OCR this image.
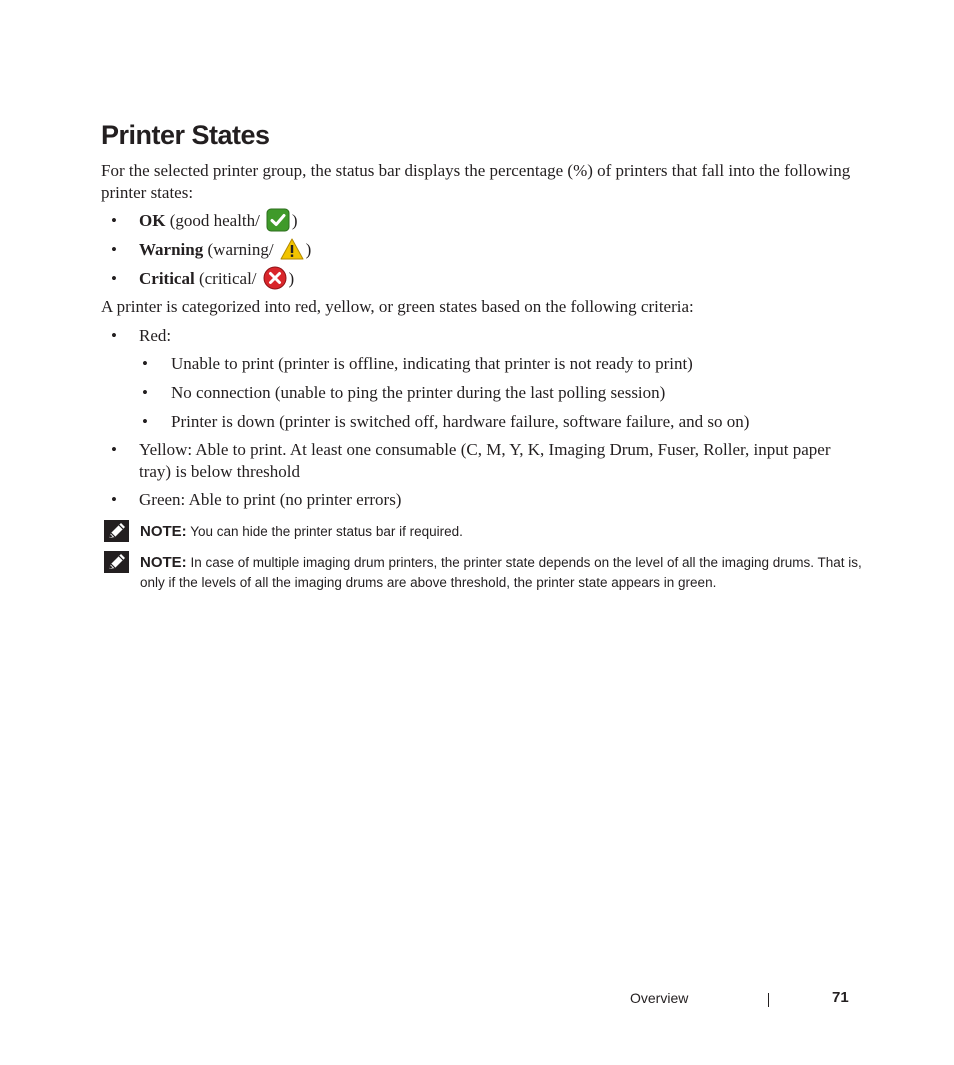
Printer States

For the selected printer group, the status bar displays the percentage (%) of printers that fall into the following printer states:

• OK (good health/ )
• Warning (warning/ )
• Critical (critical/ )

A printer is categorized into red, yellow, or green states based on the following criteria:

• Red:
• Unable to print (printer is offline, indicating that printer is not ready to print)
• No connection (unable to ping the printer during the last polling session)
• Printer is down (printer is switched off, hardware failure, software failure, and so on)
• Yellow: Able to print. At least one consumable (C, M, Y, K, Imaging Drum, Fuser, Roller, input paper
tray) is below threshold
• Green: Able to print (no printer errors)

NOTE: You can hide the printer status bar if required.

NOTE: In case of multiple imaging drum printers, the printer state depends on the level of all the imaging drums. That is, only if the levels of all the imaging drums are above threshold, the printer state appears in green.

Overview	71
